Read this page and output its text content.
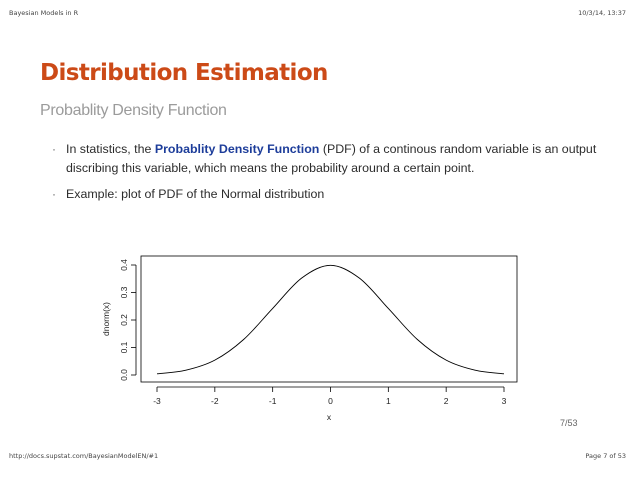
Bayesian Models in R	10/3/14, 13:37
Distribution Estimation
Probablity Density Function
· In statistics, the Probablity Density Function (PDF) of a continous random variable is an output discribing this variable, which means the probability around a certain point.
· Example: plot of PDF of the Normal distribution
-3	-2	-1	0	1	2	3
0.0
0.1
0.2
0.3
0.4
x
dnorm(x)
7/53
http://docs.supstat.com/BayesianModelEN/#1	Page 7 of 53
